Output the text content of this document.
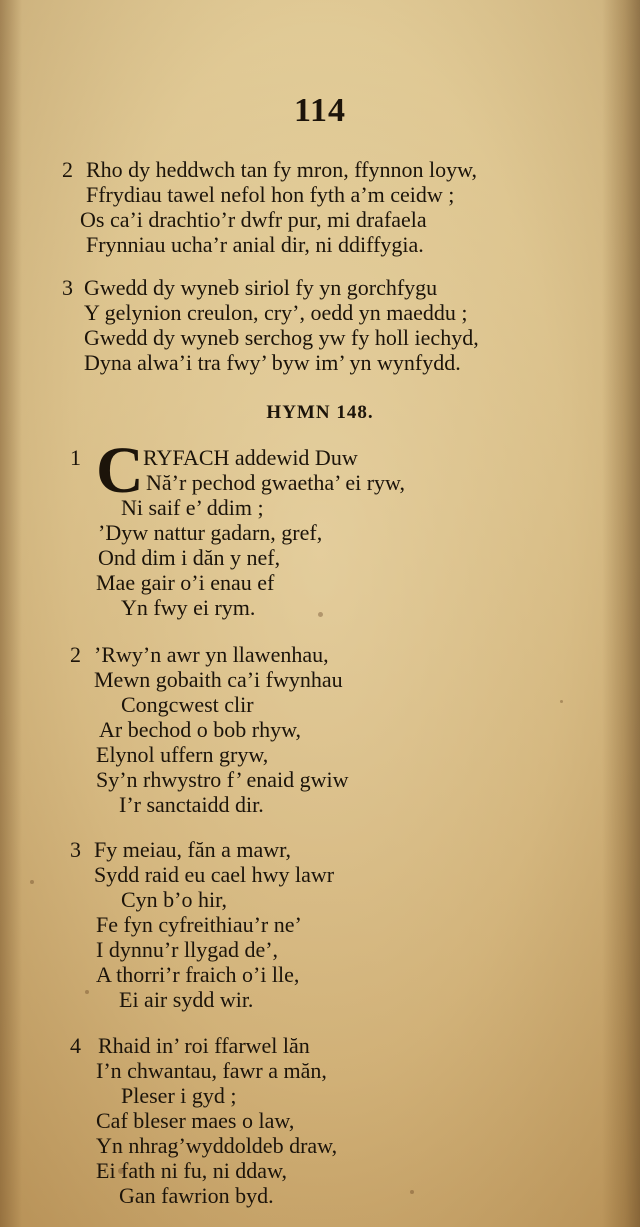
114
2 Rho dy heddwch tan fy mron, ffynnon loyw,
Ffrydiau tawel nefol hon fyth a’m ceidw ;
Os ca’i drachtio’r dwfr pur, mi drafaela
Frynniau ucha’r anial dir, ni ddiffygia.
3 Gwedd dy wyneb siriol fy yn gorchfygu
Y gelynion creulon, cry’, oedd yn maeddu ;
Gwedd dy wyneb serchog yw fy holl iechyd,
Dyna alwa’i tra fwy’ byw im’ yn wynfydd.
HYMN 148.
1 C RYFACH addewid Duw
Nă’r pechod gwaetha’ ei ryw,
Ni saif e’ ddim ;
’Dyw nattur gadarn, gref,
Ond dim i dăn y nef,
Mae gair o’i enau ef
Yn fwy ei rym.
2 ’Rwy’n awr yn llawenhau,
Mewn gobaith ca’i fwynhau
Congcwest clir
Ar bechod o bob rhyw,
Elynol uffern gryw,
Sy’n rhwystro f’ enaid gwiw
I’r sanctaidd dir.
3 Fy meiau, făn a mawr,
Sydd raid eu cael hwy lawr
Cyn b’o hir,
Fe fyn cyfreithiau’r ne’
I dynnu’r llygad de’,
A thorri’r fraich o’i lle,
Ei air sydd wir.
4 Rhaid in’ roi ffarwel lăn
I’n chwantau, fawr a măn,
Pleser i gyd ;
Caf bleser maes o law,
Yn nhrag’wyddoldeb draw,
Ei fath ni fu, ni ddaw,
Gan fawrion byd.
